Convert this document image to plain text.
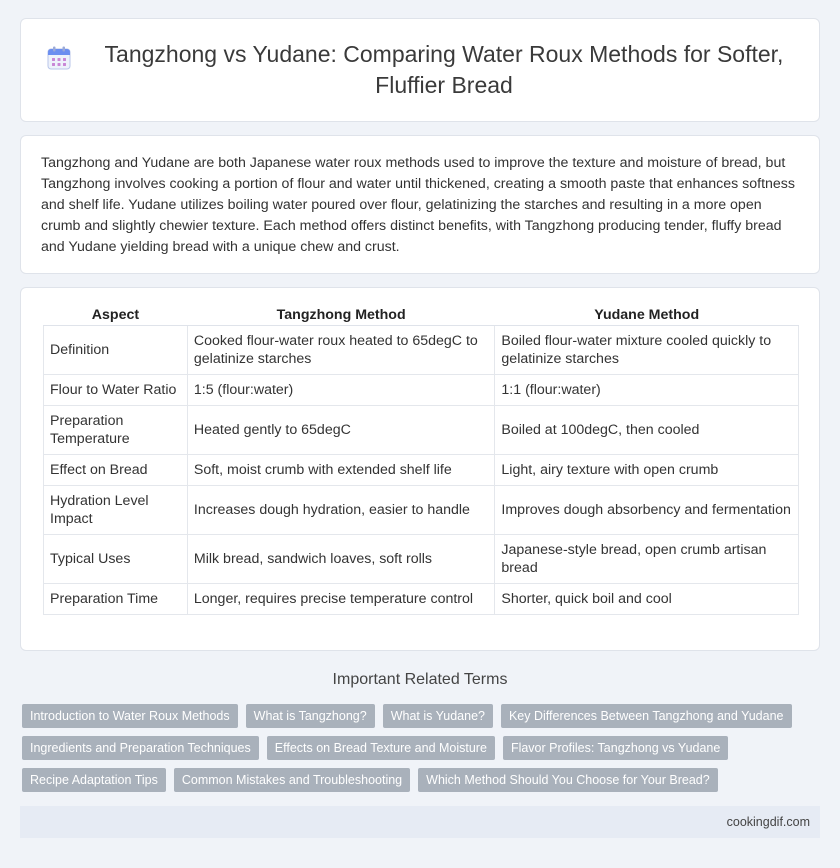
Tangzhong vs Yudane: Comparing Water Roux Methods for Softer, Fluffier Bread

Tangzhong and Yudane are both Japanese water roux methods used to improve the texture and moisture of bread, but Tangzhong involves cooking a portion of flour and water until thickened, creating a smooth paste that enhances softness and shelf life. Yudane utilizes boiling water poured over flour, gelatinizing the starches and resulting in a more open crumb and slightly chewier texture. Each method offers distinct benefits, with Tangzhong producing tender, fluffy bread and Yudane yielding bread with a unique chew and crust.

Aspect	Tangzhong Method	Yudane Method
Definition	Cooked flour-water roux heated to 65degC to gelatinize starches	Boiled flour-water mixture cooled quickly to gelatinize starches
Flour to Water Ratio	1:5 (flour:water)	1:1 (flour:water)
Preparation Temperature	Heated gently to 65degC	Boiled at 100degC, then cooled
Effect on Bread	Soft, moist crumb with extended shelf life	Light, airy texture with open crumb
Hydration Level Impact	Increases dough hydration, easier to handle	Improves dough absorbency and fermentation
Typical Uses	Milk bread, sandwich loaves, soft rolls	Japanese-style bread, open crumb artisan bread
Preparation Time	Longer, requires precise temperature control	Shorter, quick boil and cool
Important Related Terms
Introduction to Water Roux Methods	What is Tangzhong?	What is Yudane?	Key Differences Between Tangzhong and Yudane
Ingredients and Preparation Techniques	Effects on Bread Texture and Moisture	Flavor Profiles: Tangzhong vs Yudane
Recipe Adaptation Tips	Common Mistakes and Troubleshooting	Which Method Should You Choose for Your Bread?
cookingdif.com
